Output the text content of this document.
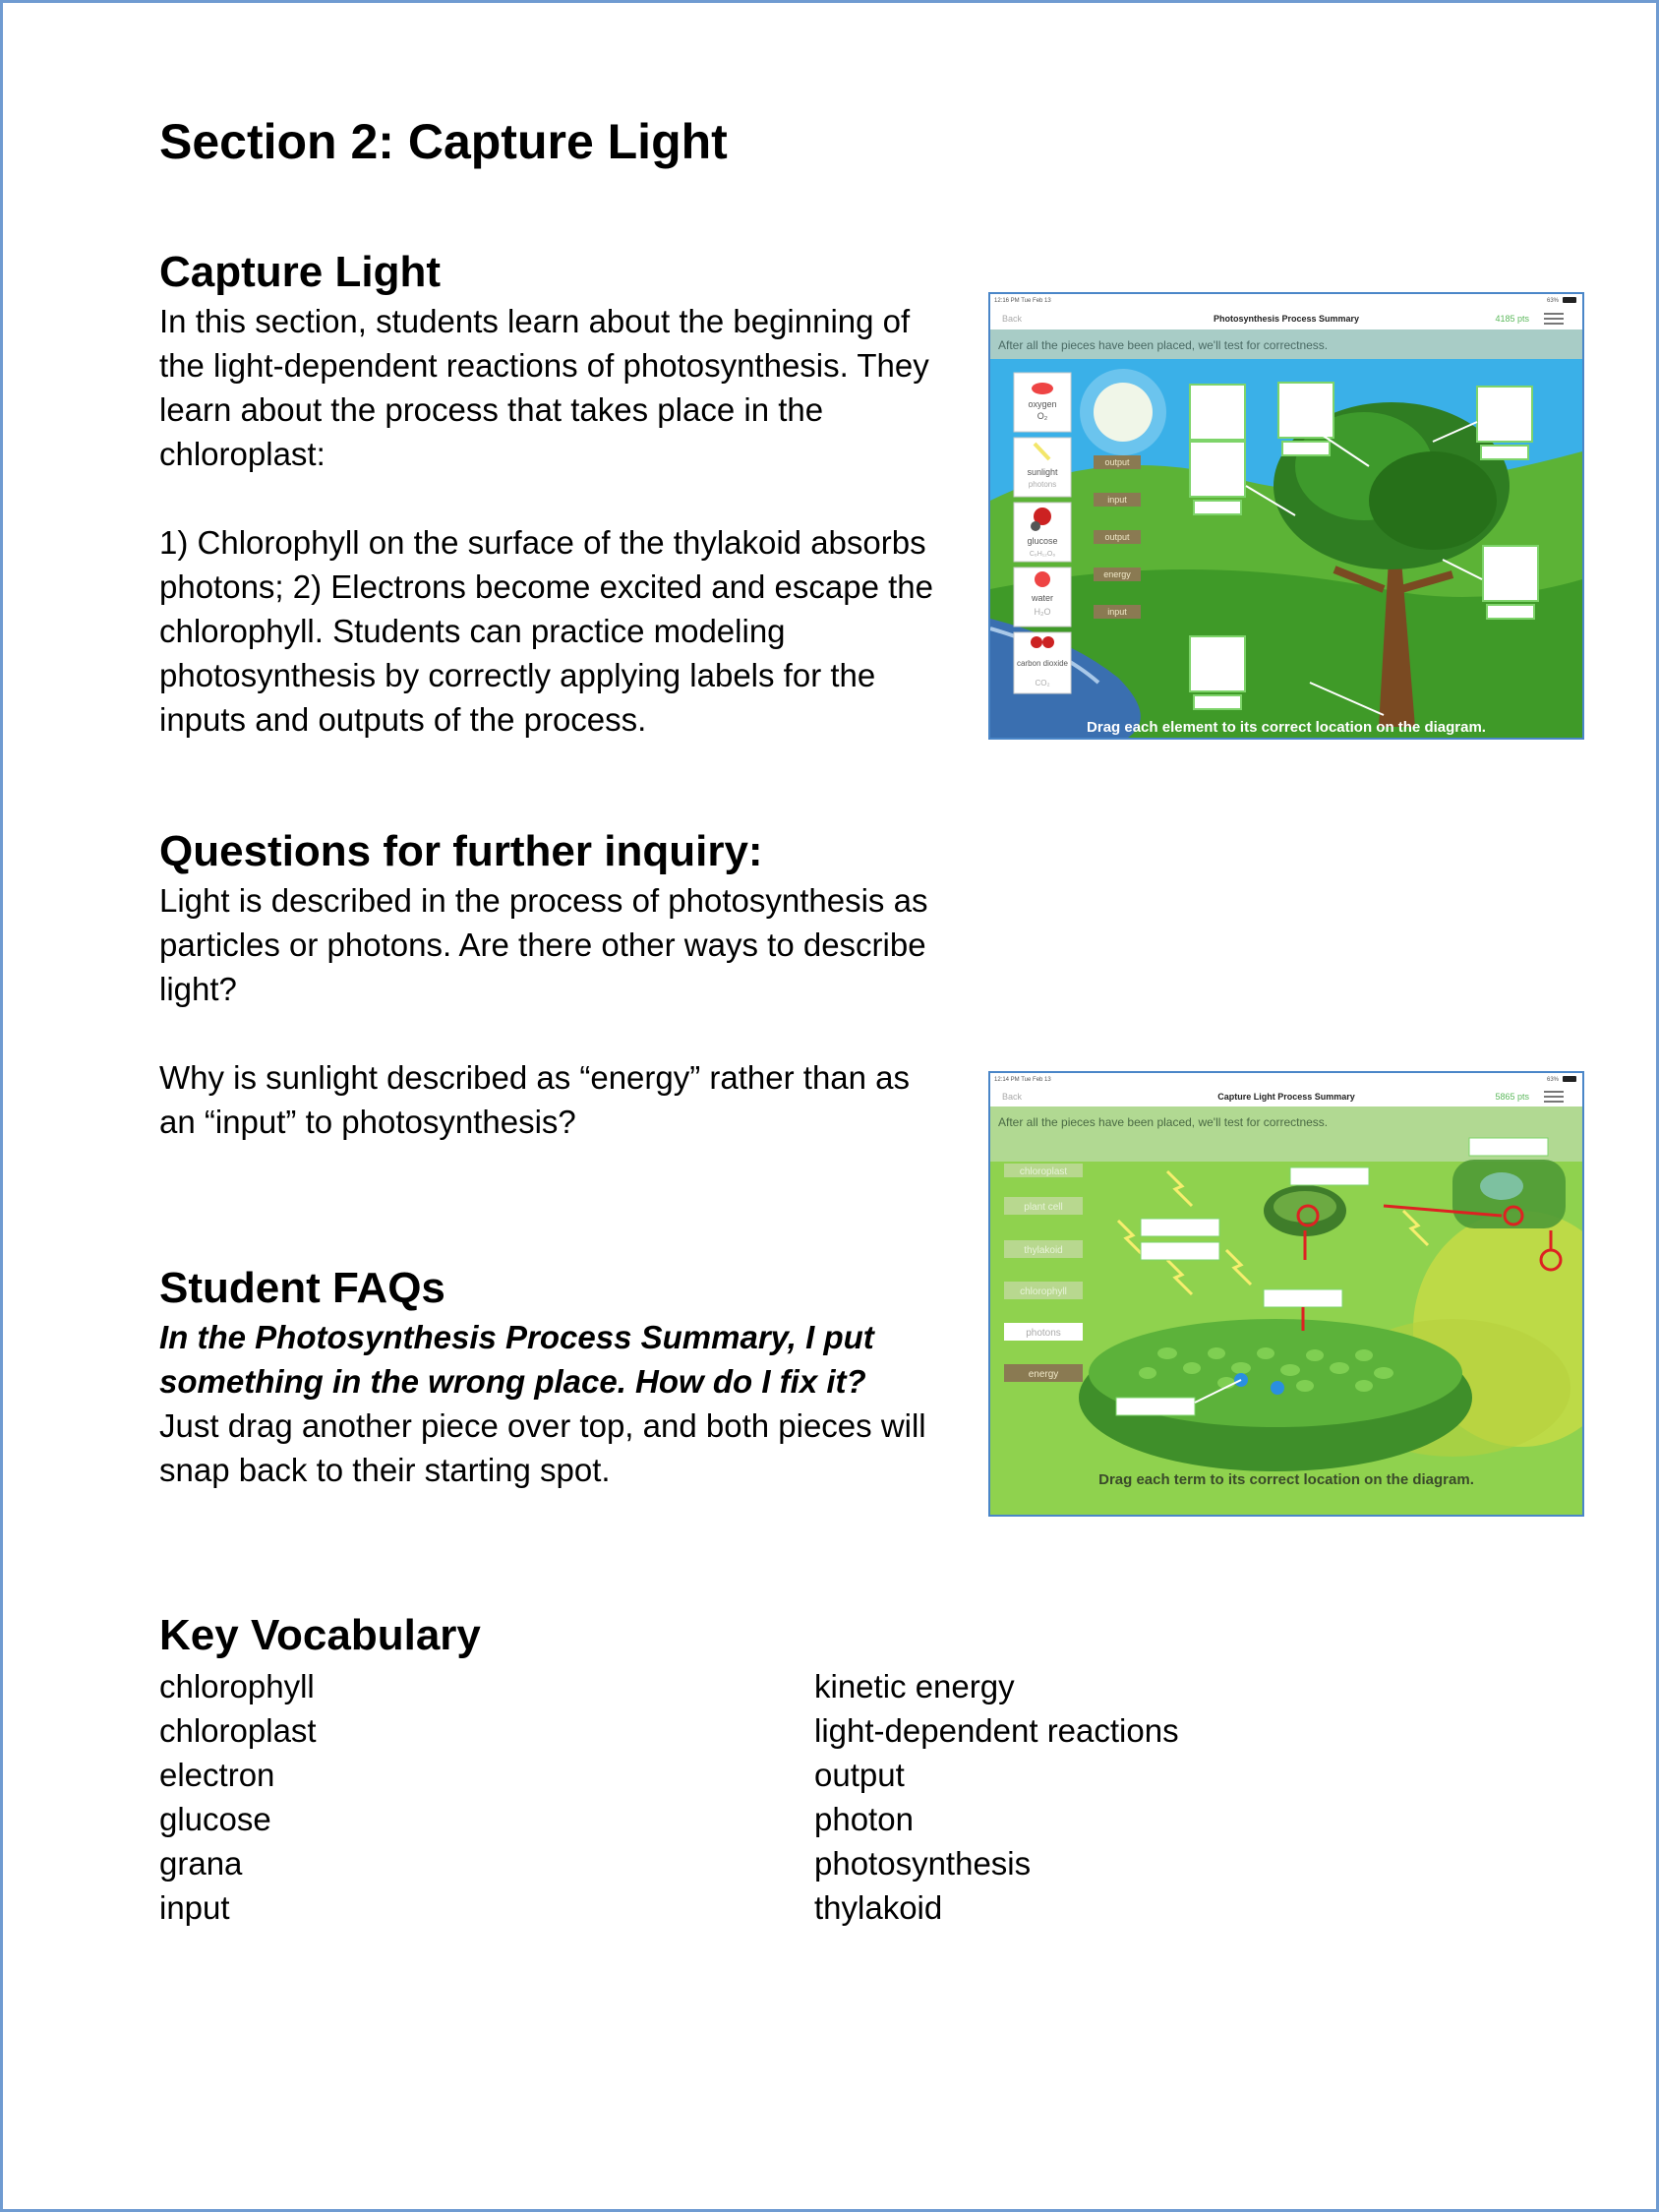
Section 2: Capture Light
Capture Light

In this section, students learn about the beginning of the light-dependent reactions of photosynthesis. They learn about the process that takes place in the chloroplast:

1) Chlorophyll on the surface of the thylakoid absorbs photons; 2) Electrons become excited and escape the chlorophyll. Students can practice modeling photosynthesis by correctly applying labels for the inputs and outputs of the process.

Questions for further inquiry:

Light is described in the process of photosynthesis as particles or photons. Are there other ways to describe light?

Why is sunlight described as “energy” rather than as an “input” to photosynthesis?

Student FAQs

In the Photosynthesis Process Summary, I put something in the wrong place. How do I fix it?
Just drag another piece over top, and both pieces will snap back to their starting spot.

Key Vocabulary
chlorophyll
chloroplast
electron
glucose
grana
input
kinetic energy
light-dependent reactions
output
photon
photosynthesis
thylakoid
12:16 PM Tue Feb 13	63%
Back	Photosynthesis Process Summary	4185 pts
After all the pieces have been placed, we'll test for correctness.
oxygen
O₂
sunlight
photons
glucose
C₆H₁₂O₆
water
H₂O
carbon dioxide
CO₂
output
input
output
energy
input
Drag each element to its correct location on the diagram.
12:14 PM Tue Feb 13	63%
Back	Capture Light Process Summary	5865 pts
After all the pieces have been placed, we'll test for correctness.
chloroplast
plant cell
thylakoid
chlorophyll
photons
energy
Drag each term to its correct location on the diagram.
